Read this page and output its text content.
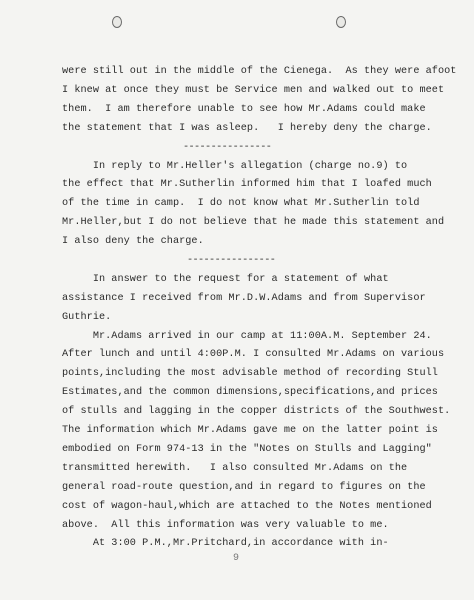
were still out in the middle of the Cienega.  As they were afoot
I knew at once they must be Service men and walked out to meet
them.  I am therefore unable to see how Mr.Adams could make
the statement that I was asleep.   I hereby deny the charge.
----------------
In reply to Mr.Heller's allegation (charge no.9) to
the effect that Mr.Sutherlin informed him that I loafed much
of the time in camp.  I do not know what Mr.Sutherlin told
Mr.Heller,but I do not believe that he made this statement and
I also deny the charge.
----------------
In answer to the request for a statement of what
assistance I received from Mr.D.W.Adams and from Supervisor
Guthrie.
Mr.Adams arrived in our camp at 11:00A.M. September 24.
After lunch and until 4:00P.M. I consulted Mr.Adams on various
points,including the most advisable method of recording Stull
Estimates,and the common dimensions,specifications,and prices
of stulls and lagging in the copper districts of the Southwest.
The information which Mr.Adams gave me on the latter point is
embodied on Form 974-13 in the "Notes on Stulls and Lagging"
transmitted herewith.   I also consulted Mr.Adams on the
general road-route question,and in regard to figures on the
cost of wagon-haul,which are attached to the Notes mentioned
above.  All this information was very valuable to me.
At 3:00 P.M.,Mr.Pritchard,in accordance with in-
9
